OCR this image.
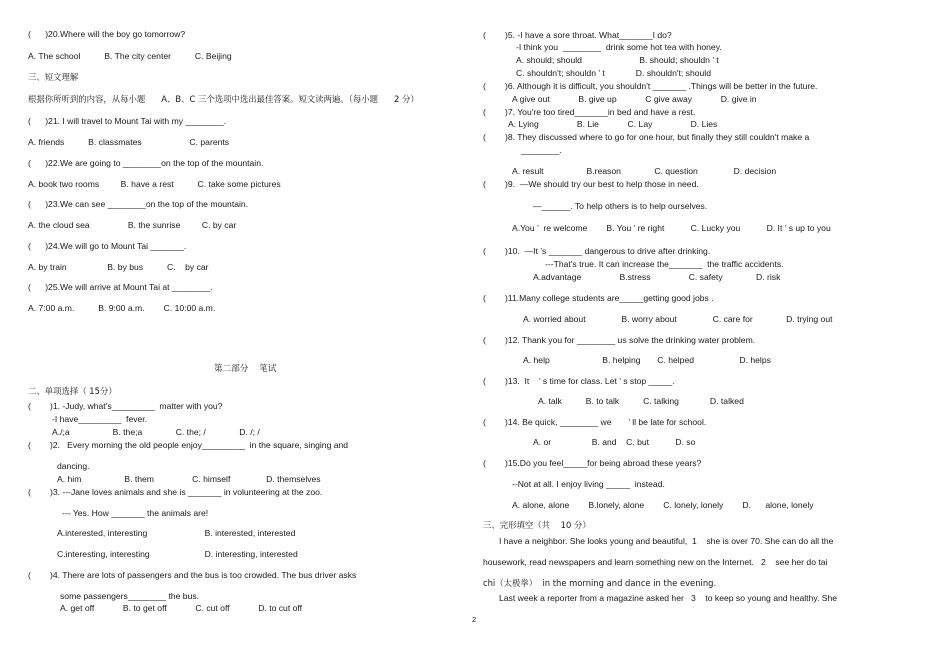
(      )20.Where will the boy go tomorrow?
A. The school          B. The city center          C. Beijing
三、短文理解
根据你所听到的内容，从每小题      A、B、C 三个选项中选出最佳答案。短文读两遍。（每小题      2 分）
(      )21. I will travel to Mount Tai with my ________.
A. friends          B. classmates                    C. parents
(      )22.We are going to ________on the top of the mountain.
A. book two rooms         B. have a rest          C. take some pictures
(      )23.We can see ________on the top of the mountain.
A. the cloud sea                B. the sunrise         C. by car
(      )24.We will go to Mount Tai _______.
A. by train                 B. by bus          C.    by car
(      )25.We will arrive at Mount Tai at ________.
A. 7:00 a.m.          B. 9:00 a.m.        C. 10:00 a.m.
第二部分    笔试
二、单项选择（ 15分）
(        )1. -Judy, what's_________  matter with you?
-I have_________  fever.
A./;a                  B. the;a              C. the; /              D. /; /
(        )2.   Every morning the old people enjoy_________  in the square, singing and
dancing.
A. him                  B. them                C. himself               D. themselves
(        )3. ---Jane loves animals and she is _______ in volunteering at the zoo.
--- Yes. How _______ the animals are!
A.interested, interesting                        B. interested, interested
C.interesting, interesting                       D. interesting, interested
(        )4. There are lots of passengers and the bus is too crowded. The bus driver asks
some passengers________ the bus.
A. get off            B. to get off            C. cut off            D. to cut off
(        )5. -I have a sore throat. What_______I do?
-I think you  ________  drink some hot tea with honey.
A. should; should                        B. should; shouldn ’ t
C. shouldn't; shouldn ’ t             D. shouldn't; should
(        )6. Although it is difficult, you shouldn't _______ .Things will be better in the future.
A give out            B. give up            C give away            D. give in
(        )7. You're too tired_______in bed and have a rest.
A. Lying                B. Lie            C. Lay                D. Lies
(        )8. They discussed where to go for one hour, but finally they still couldn't make a
________.
A. result                  B.reason              C. question               D. decision
(        )9.  —We should try our best to help those in need.
—______. To help others is to help ourselves.
A.You ’  re welcome        B. You ’ re right           C. Lucky you           D. It ’ s up to you
(        )10.  —It ’s _______ dangerous to drive after drinking.
---That's true. It can increase the_______  the traffic accidents.
A.advantage                B.stress                C. safety              D. risk
(        )11.Many college students are_____getting good jobs .
A. worried about               B. worry about               C. care for              D. trying out
(        )12. Thank you for ________ us solve the drinking water problem.
A. help                      B. helping       C. helped                   D. helps
(        )13.  It    ’ s time for class. Let ’ s stop _____.
A. talk          B. to talk          C. talking             D. talked
(        )14. Be quick, ________ we       ’ ll be late for school.
A. or                 B. and    C. but           D. so
(        )15.Do you feel_____for being abroad these years?
--Not at all. I enjoy living _____  instead.
A. alone, alone        B.lonely, alone        C. lonely, lonely        D.      alone, lonely
三、完形填空（共    10 分）
I have a neighbor. She looks young and beautiful,  1    she is over 70. She can do all the
housework, read newspapers and learn something new on the Internet.   2    see her do tai
chi（太极拳）  in the morning and dance in the evening.
Last week a reporter from a magazine asked her   3    to keep so young and healthy. She
2
